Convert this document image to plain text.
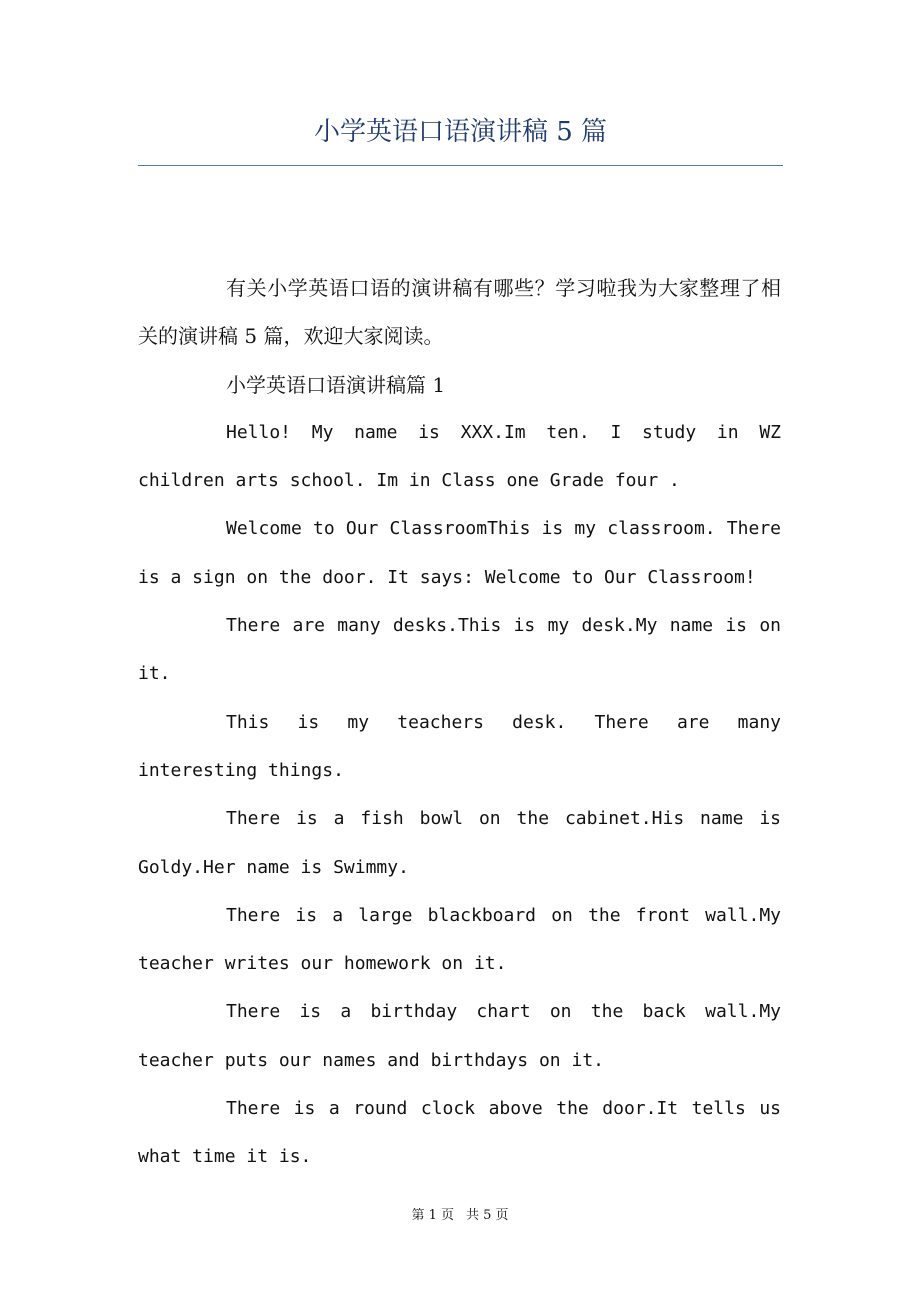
小学英语口语演讲稿 5 篇

有关小学英语口语的演讲稿有哪些？学习啦我为大家整理了相关的演讲稿 5 篇，欢迎大家阅读。

小学英语口语演讲稿篇 1

Hello! My name is XXX.Im ten. I study in WZ children arts school. Im in Class one Grade four .

Welcome to Our ClassroomThis is my classroom. There is a sign on the door. It says: Welcome to Our Classroom!

There are many desks.This is my desk.My name is on it.

This is my teachers desk. There are many interesting things.

There is a fish bowl on the cabinet.His name is Goldy.Her name is Swimmy.

There is a large blackboard on the front wall.My teacher writes our homework on it.

There is a birthday chart on the back wall.My teacher puts our names and birthdays on it.

There is a round clock above the door.It tells us what time it is.

第 1 页 共 5 页
